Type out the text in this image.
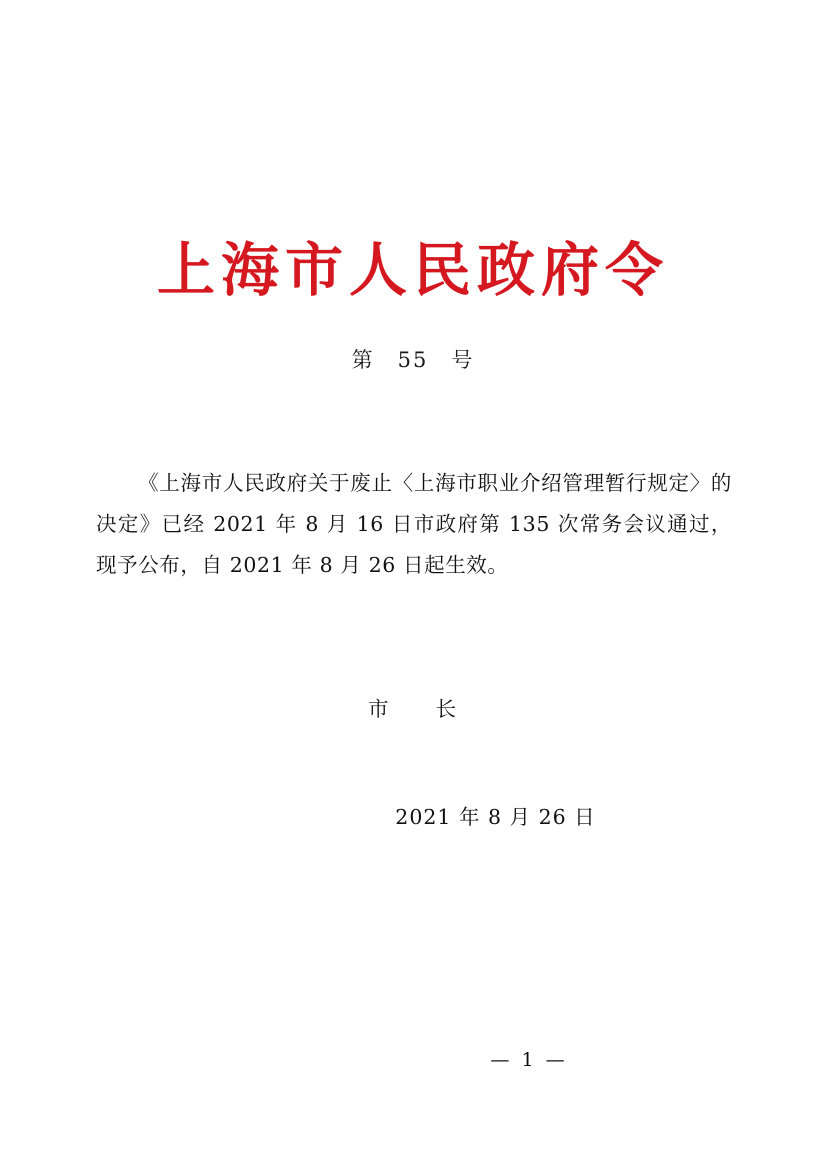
上海市人民政府令
第　55　号

《上海市人民政府关于废止〈上海市职业介绍管理暂行规定〉的决定》已经 2021 年 8 月 16 日市政府第 135 次常务会议通过，现予公布，自 2021 年 8 月 26 日起生效。

市　　长
2021 年 8 月 26 日
— 1 —
